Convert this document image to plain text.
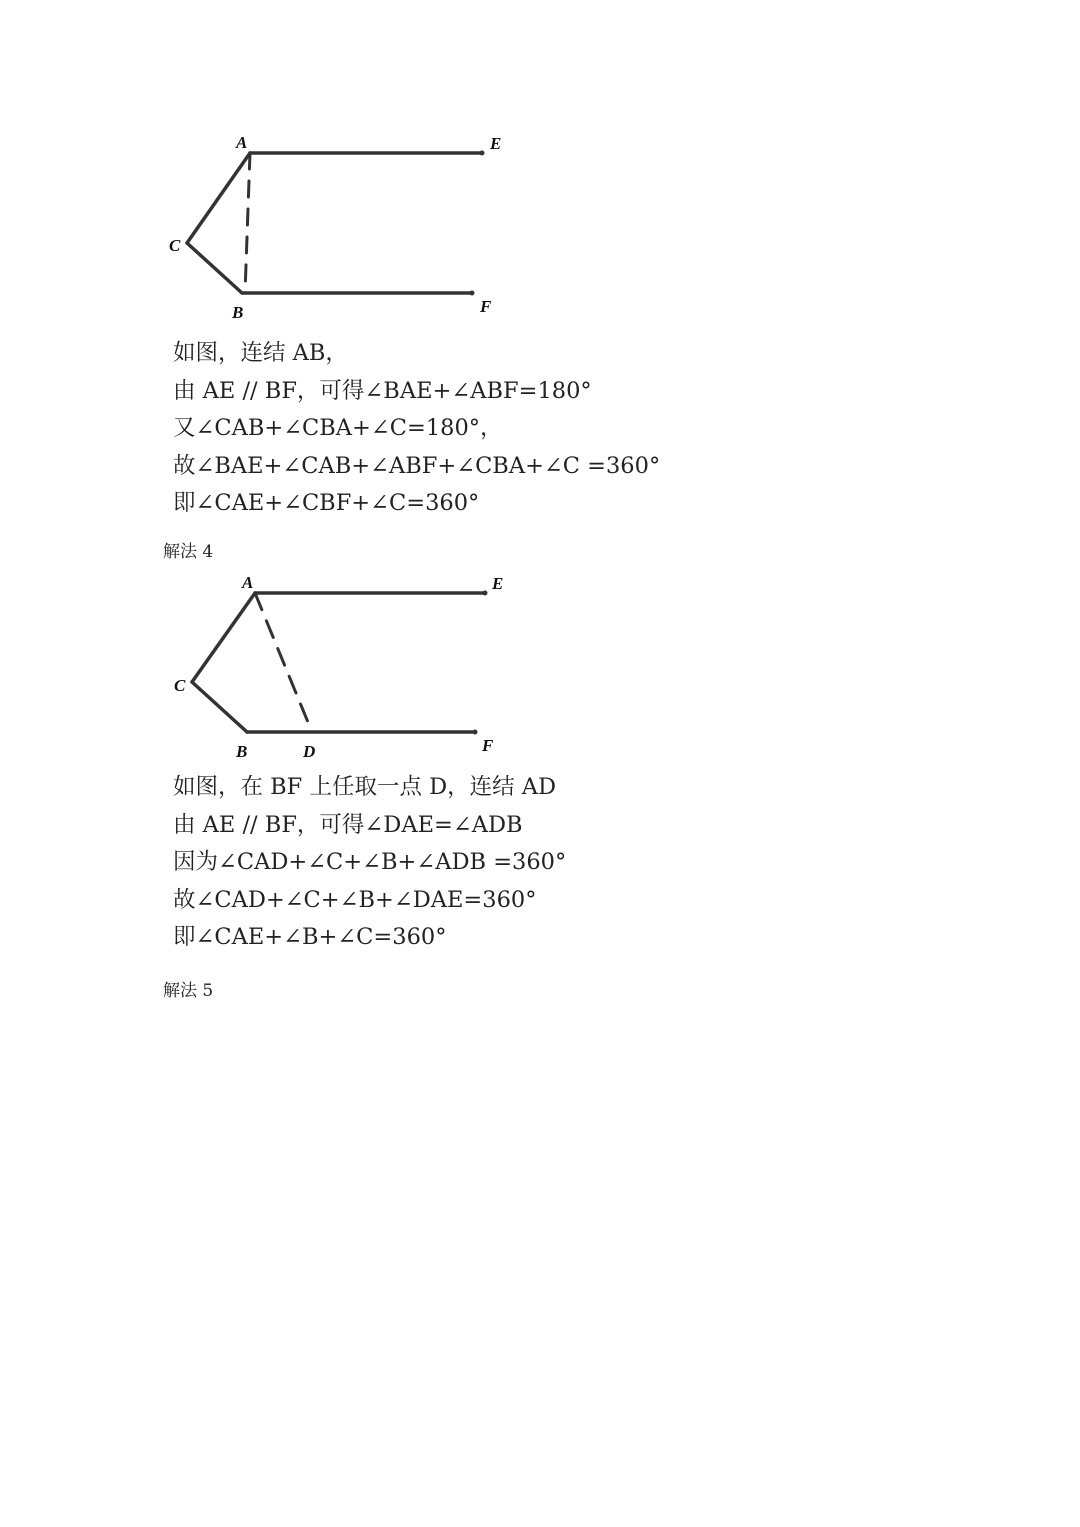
A	E
C
B	F
如图，连结 AB，
由 AE // BF，可得∠BAE+∠ABF=180°
又∠CAB+∠CBA+∠C=180°，
故∠BAE+∠CAB+∠ABF+∠CBA+∠C =360°
即∠CAE+∠CBF+∠C=360°
解法 4
A	E
C
B	D	F
如图，在 BF 上任取一点 D，连结 AD
由 AE // BF，可得∠DAE=∠ADB
因为∠CAD+∠C+∠B+∠ADB =360°
故∠CAD+∠C+∠B+∠DAE=360°
即∠CAE+∠B+∠C=360°
解法 5
